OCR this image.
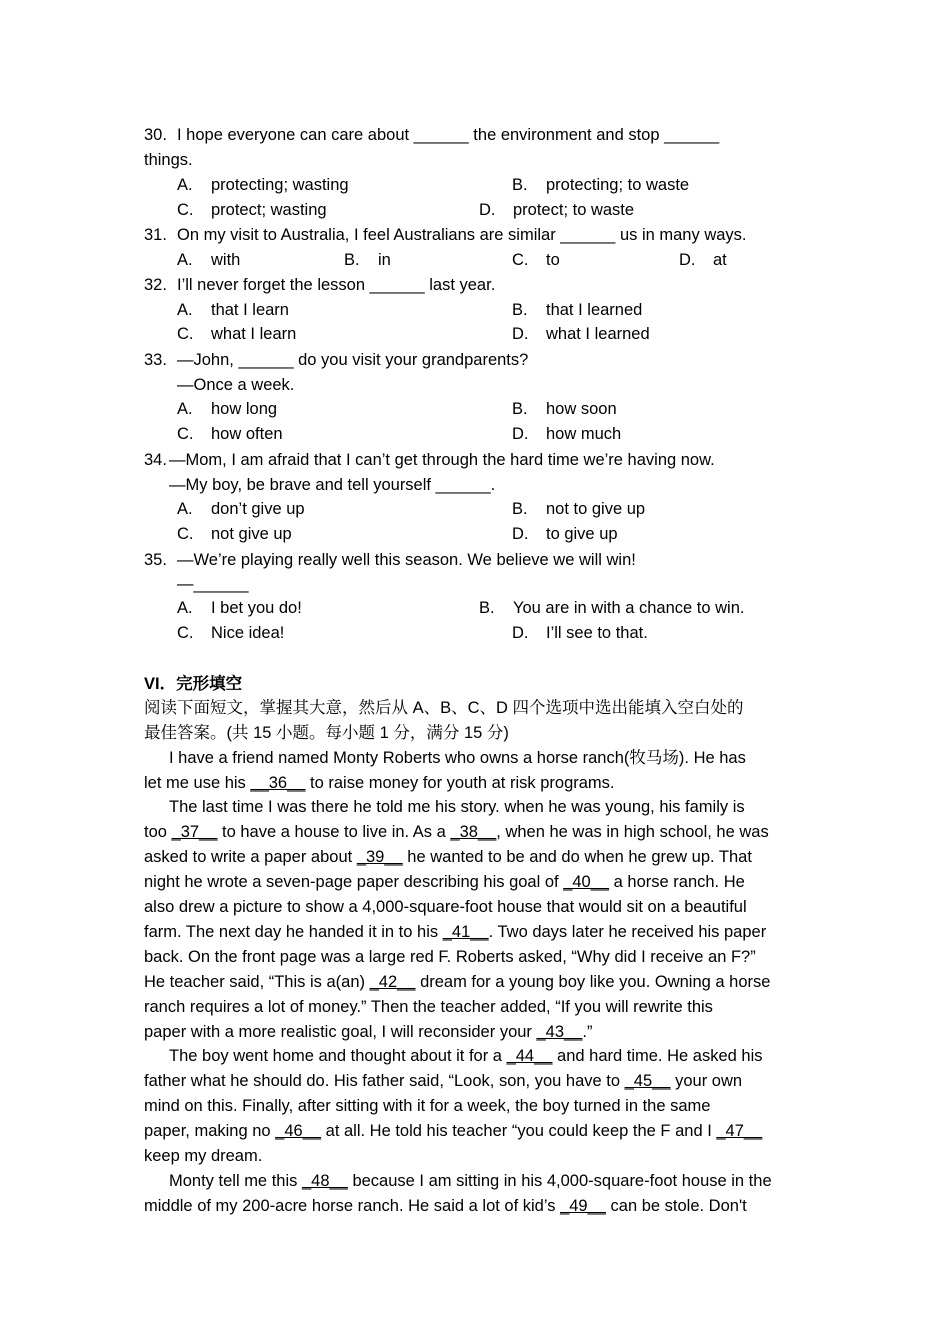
30. I hope everyone can care about ______ the environment and stop ______
things.
A. protecting; wasting	B. protecting; to waste
C. protect; wasting	D. protect; to waste
31. On my visit to Australia, I feel Australians are similar ______ us in many ways.
A. with	B. in	C. to	D. at
32. I’ll never forget the lesson ______ last year.
A. that I learn	B. that I learned
C. what I learn	D. what I learned
33. —John, ______ do you visit your grandparents?
—Once a week.
A. how long	B. how soon
C. how often	D. how much
34. —Mom, I am afraid that I can’t get through the hard time we’re having now.
—My boy, be brave and tell yourself ______.
A. don’t give up	B. not to give up
C. not give up	D. to give up
35. —We’re playing really well this season. We believe we will win!
—______
A. I bet you do!	B. You are in with a chance to win.
C. Nice idea!	D. I’ll see to that.
VI．完形填空
阅读下面短文，掌握其大意，然后从 A、B、C、D 四个选项中选出能填入空白处的
最佳答案。(共 15 小题。每小题 1 分，满分 15 分)
I have a friend named Monty Roberts who owns a horse ranch(牧马场). He has
let me use his __36__ to raise money for youth at risk programs.
The last time I was there he told me his story. when he was young, his family is
too _37__ to have a house to live in. As a _38__, when he was in high school, he was
asked to write a paper about _39__ he wanted to be and do when he grew up. That
night he wrote a seven-page paper describing his goal of _40__ a horse ranch. He
also drew a picture to show a 4,000-square-foot house that would sit on a beautiful
farm. The next day he handed it in to his _41__. Two days later he received his paper
back. On the front page was a large red F. Roberts asked, “Why did I receive an F?”
He teacher said, “This is a(an) _42__ dream for a young boy like you. Owning a horse
ranch requires a lot of money.” Then the teacher added, “If you will rewrite this
paper with a more realistic goal, I will reconsider your _43__.”
The boy went home and thought about it for a _44__ and hard time. He asked his
father what he should do. His father said, “Look, son, you have to _45__ your own
mind on this. Finally, after sitting with it for a week, the boy turned in the same
paper, making no _46__ at all. He told his teacher “you could keep the F and I _47__
keep my dream.
Monty tell me this _48__ because I am sitting in his 4,000-square-foot house in the
middle of my 200-acre horse ranch. He said a lot of kid’s _49__ can be stole. Don't
